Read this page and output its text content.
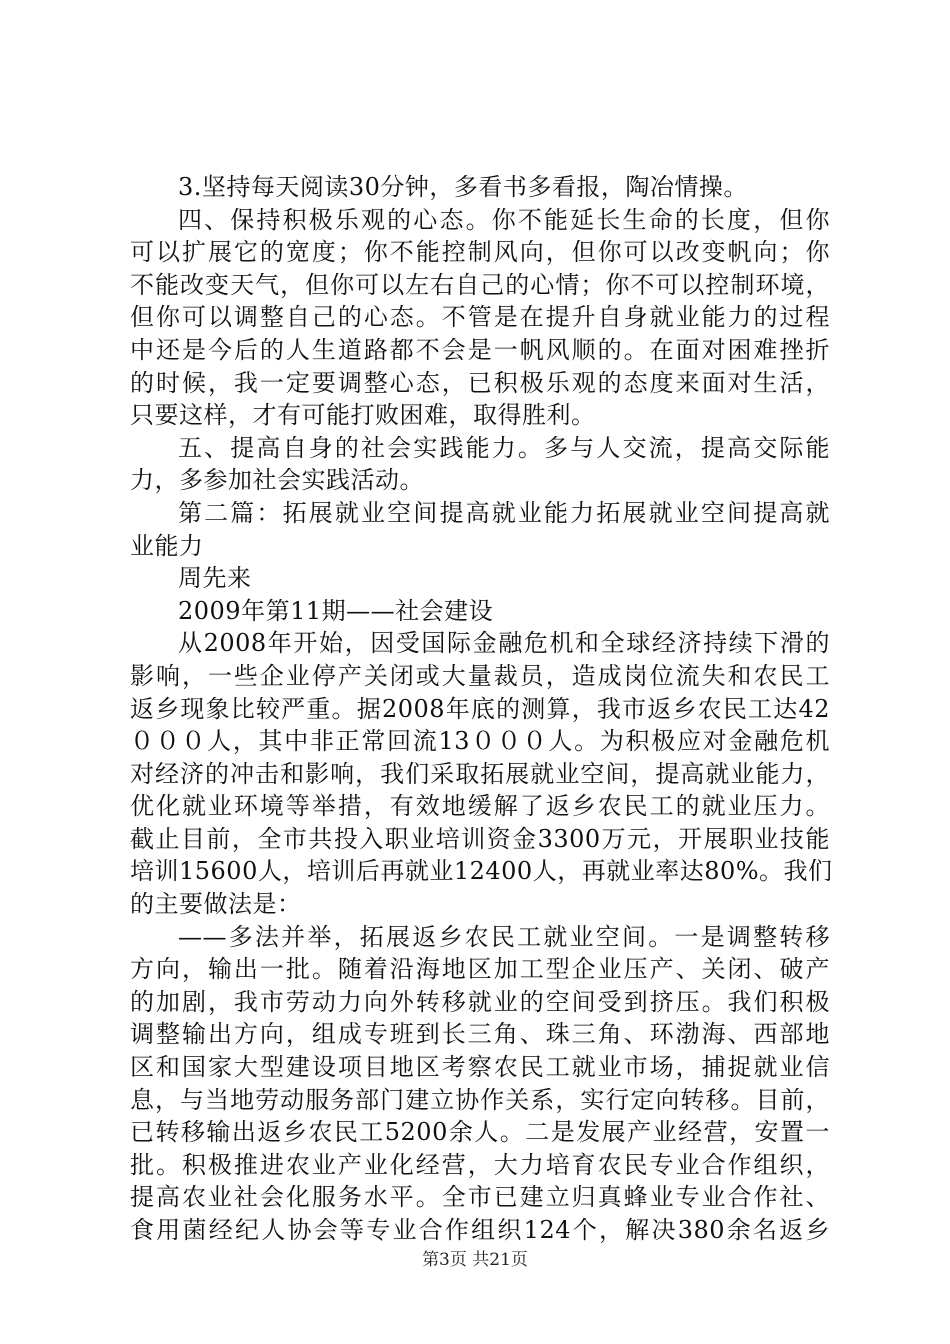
3.坚持每天阅读30分钟，多看书多看报，陶冶情操。
四、保持积极乐观的心态。你不能延长生命的长度，但你
可以扩展它的宽度；你不能控制风向，但你可以改变帆向；你
不能改变天气，但你可以左右自己的心情；你不可以控制环境，
但你可以调整自己的心态。不管是在提升自身就业能力的过程
中还是今后的人生道路都不会是一帆风顺的。在面对困难挫折
的时候，我一定要调整心态，已积极乐观的态度来面对生活，
只要这样，才有可能打败困难，取得胜利。
五、提高自身的社会实践能力。多与人交流，提高交际能
力，多参加社会实践活动。
第二篇：拓展就业空间提高就业能力拓展就业空间提高就
业能力
周先来
2009年第11期——社会建设
从2008年开始，因受国际金融危机和全球经济持续下滑的
影响，一些企业停产关闭或大量裁员，造成岗位流失和农民工
返乡现象比较严重。据2008年底的测算，我市返乡农民工达42
０００人，其中非正常回流13０００人。为积极应对金融危机
对经济的冲击和影响，我们采取拓展就业空间，提高就业能力，
优化就业环境等举措，有效地缓解了返乡农民工的就业压力。
截止目前，全市共投入职业培训资金3300万元，开展职业技能
培训15600人，培训后再就业12400人，再就业率达80%。我们
的主要做法是：
——多法并举，拓展返乡农民工就业空间。一是调整转移
方向，输出一批。随着沿海地区加工型企业压产、关闭、破产
的加剧，我市劳动力向外转移就业的空间受到挤压。我们积极
调整输出方向，组成专班到长三角、珠三角、环渤海、西部地
区和国家大型建设项目地区考察农民工就业市场，捕捉就业信
息，与当地劳动服务部门建立协作关系，实行定向转移。目前，
已转移输出返乡农民工5200余人。二是发展产业经营，安置一
批。积极推进农业产业化经营，大力培育农民专业合作组织，
提高农业社会化服务水平。全市已建立归真蜂业专业合作社、
食用菌经纪人协会等专业合作组织124个，解决380余名返乡
第3页 共21页
